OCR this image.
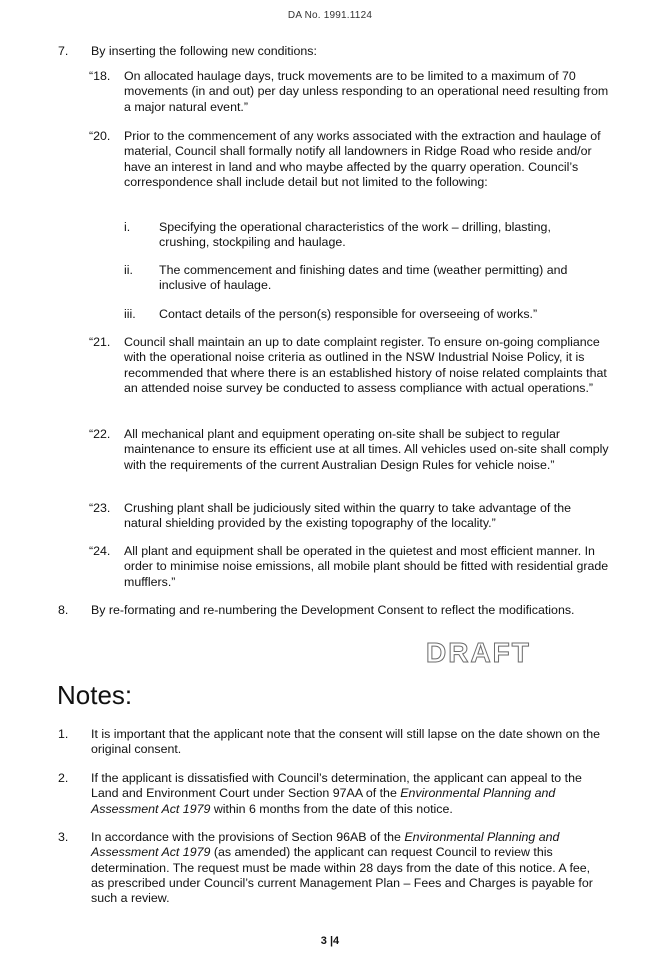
DA No. 1991.1124
7. By inserting the following new conditions:
“18. On allocated haulage days, truck movements are to be limited to a maximum of 70 movements (in and out) per day unless responding to an operational need resulting from a major natural event.”
“20. Prior to the commencement of any works associated with the extraction and haulage of material, Council shall formally notify all landowners in Ridge Road who reside and/or have an interest in land and who maybe affected by the quarry operation. Council’s correspondence shall include detail but not limited to the following:
i. Specifying the operational characteristics of the work – drilling, blasting, crushing, stockpiling and haulage.
ii. The commencement and finishing dates and time (weather permitting) and inclusive of haulage.
iii. Contact details of the person(s) responsible for overseeing of works.”
“21. Council shall maintain an up to date complaint register. To ensure on-going compliance with the operational noise criteria as outlined in the NSW Industrial Noise Policy, it is recommended that where there is an established history of noise related complaints that an attended noise survey be conducted to assess compliance with actual operations.”
“22. All mechanical plant and equipment operating on-site shall be subject to regular maintenance to ensure its efficient use at all times. All vehicles used on-site shall comply with the requirements of the current Australian Design Rules for vehicle noise.”
“23. Crushing plant shall be judiciously sited within the quarry to take advantage of the natural shielding provided by the existing topography of the locality.”
“24. All plant and equipment shall be operated in the quietest and most efficient manner. In order to minimise noise emissions, all mobile plant should be fitted with residential grade mufflers.”
8. By re-formating and re-numbering the Development Consent to reflect the modifications.
DRAFT
Notes:
1. It is important that the applicant note that the consent will still lapse on the date shown on the original consent.
2. If the applicant is dissatisfied with Council’s determination, the applicant can appeal to the Land and Environment Court under Section 97AA of the Environmental Planning and Assessment Act 1979 within 6 months from the date of this notice.
3. In accordance with the provisions of Section 96AB of the Environmental Planning and Assessment Act 1979 (as amended) the applicant can request Council to review this determination. The request must be made within 28 days from the date of this notice. A fee, as prescribed under Council’s current Management Plan – Fees and Charges is payable for such a review.
3 |4
